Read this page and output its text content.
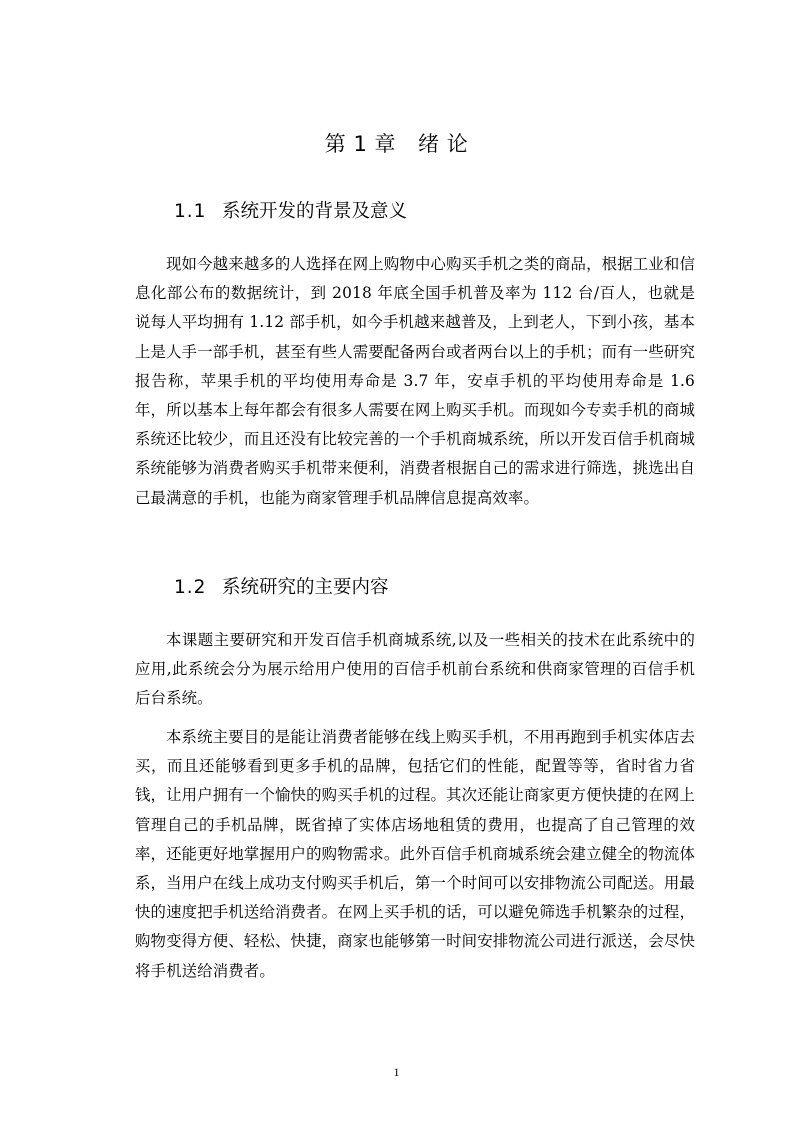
第 1 章 绪 论
1.1 系统开发的背景及意义

现如今越来越多的人选择在网上购物中心购买手机之类的商品，根据工业和信息化部公布的数据统计，到 2018 年底全国手机普及率为 112 台/百人，也就是说每人平均拥有 1.12 部手机，如今手机越来越普及，上到老人，下到小孩，基本上是人手一部手机，甚至有些人需要配备两台或者两台以上的手机；而有一些研究报告称，苹果手机的平均使用寿命是 3.7 年，安卓手机的平均使用寿命是 1.6 年，所以基本上每年都会有很多人需要在网上购买手机。而现如今专卖手机的商城系统还比较少，而且还没有比较完善的一个手机商城系统，所以开发百信手机商城系统能够为消费者购买手机带来便利，消费者根据自己的需求进行筛选，挑选出自己最满意的手机，也能为商家管理手机品牌信息提高效率。

1.2 系统研究的主要内容

本课题主要研究和开发百信手机商城系统,以及一些相关的技术在此系统中的应用,此系统会分为展示给用户使用的百信手机前台系统和供商家管理的百信手机后台系统。

本系统主要目的是能让消费者能够在线上购买手机，不用再跑到手机实体店去买，而且还能够看到更多手机的品牌，包括它们的性能，配置等等，省时省力省钱，让用户拥有一个愉快的购买手机的过程。其次还能让商家更方便快捷的在网上管理自己的手机品牌，既省掉了实体店场地租赁的费用，也提高了自己管理的效率，还能更好地掌握用户的购物需求。此外百信手机商城系统会建立健全的物流体系，当用户在线上成功支付购买手机后，第一个时间可以安排物流公司配送。用最快的速度把手机送给消费者。在网上买手机的话，可以避免筛选手机繁杂的过程，购物变得方便、轻松、快捷，商家也能够第一时间安排物流公司进行派送，会尽快将手机送给消费者。

1
